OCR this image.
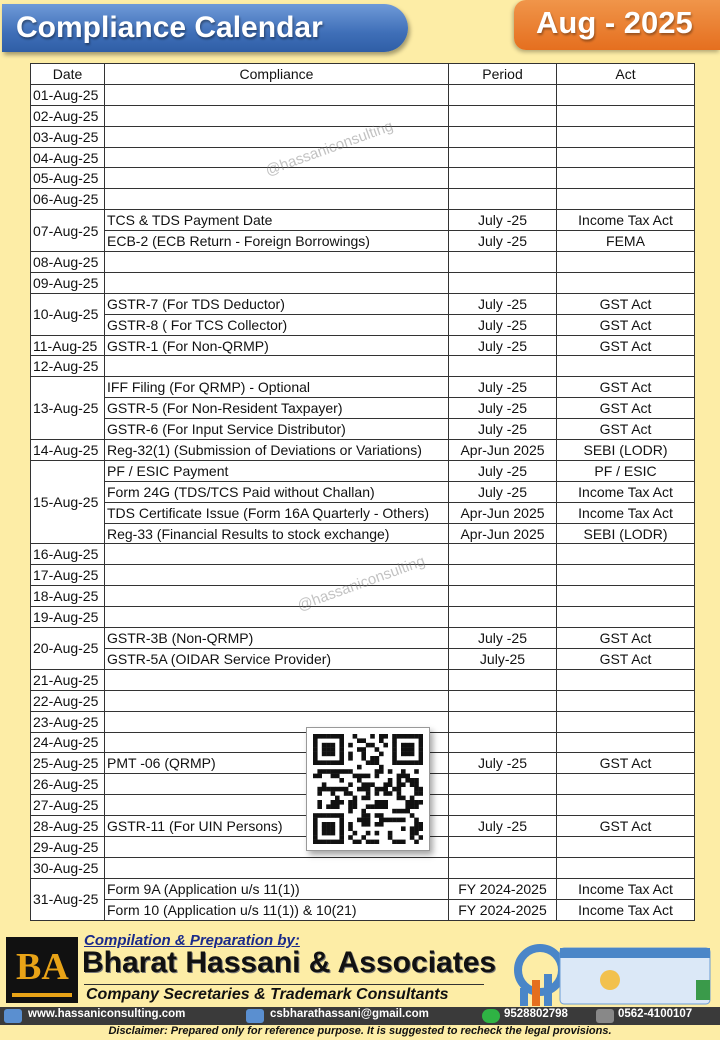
Compliance Calendar	Aug - 2025
Date	Compliance	Period	Act
01-Aug-25			
02-Aug-25			
03-Aug-25			
04-Aug-25			
05-Aug-25			
06-Aug-25			
07-Aug-25	TCS & TDS Payment Date	July -25	Income Tax Act
	ECB-2 (ECB Return - Foreign Borrowings)	July -25	FEMA
08-Aug-25			
09-Aug-25			
10-Aug-25	GSTR-7 (For TDS Deductor)	July -25	GST Act
	GSTR-8 ( For TCS Collector)	July -25	GST Act
11-Aug-25	GSTR-1 (For Non-QRMP)	July -25	GST Act
12-Aug-25			
13-Aug-25	IFF Filing (For QRMP) - Optional	July -25	GST Act
	GSTR-5 (For Non-Resident Taxpayer)	July -25	GST Act
	GSTR-6 (For Input Service Distributor)	July -25	GST Act
14-Aug-25	Reg-32(1) (Submission of Deviations or Variations)	Apr-Jun 2025	SEBI (LODR)
15-Aug-25	PF / ESIC Payment	July -25	PF / ESIC
	Form 24G (TDS/TCS Paid without Challan)	July -25	Income Tax Act
	TDS Certificate Issue (Form 16A Quarterly - Others)	Apr-Jun 2025	Income Tax Act
	Reg-33 (Financial Results to stock exchange)	Apr-Jun 2025	SEBI (LODR)
16-Aug-25			
17-Aug-25			
18-Aug-25			
19-Aug-25			
20-Aug-25	GSTR-3B (Non-QRMP)	July -25	GST Act
	GSTR-5A (OIDAR Service Provider)	July-25	GST Act
21-Aug-25			
22-Aug-25			
23-Aug-25			
24-Aug-25			
25-Aug-25	PMT -06 (QRMP)	July -25	GST Act
26-Aug-25			
27-Aug-25			
28-Aug-25	GSTR-11 (For UIN Persons)	July -25	GST Act
29-Aug-25			
30-Aug-25			
31-Aug-25	Form 9A (Application u/s 11(1))	FY 2024-2025	Income Tax Act
	Form 10 (Application u/s 11(1)) & 10(21)	FY 2024-2025	Income Tax Act
@hassaniconsulting
@hassaniconsulting
BA
Compilation & Preparation by:
Bharat Hassani & Associates
Company Secretaries & Trademark Consultants
www.hassaniconsulting.com	csbharathassani@gmail.com	9528802798	0562-4100107
Disclaimer: Prepared only for reference purpose. It is suggested to recheck the legal provisions.
